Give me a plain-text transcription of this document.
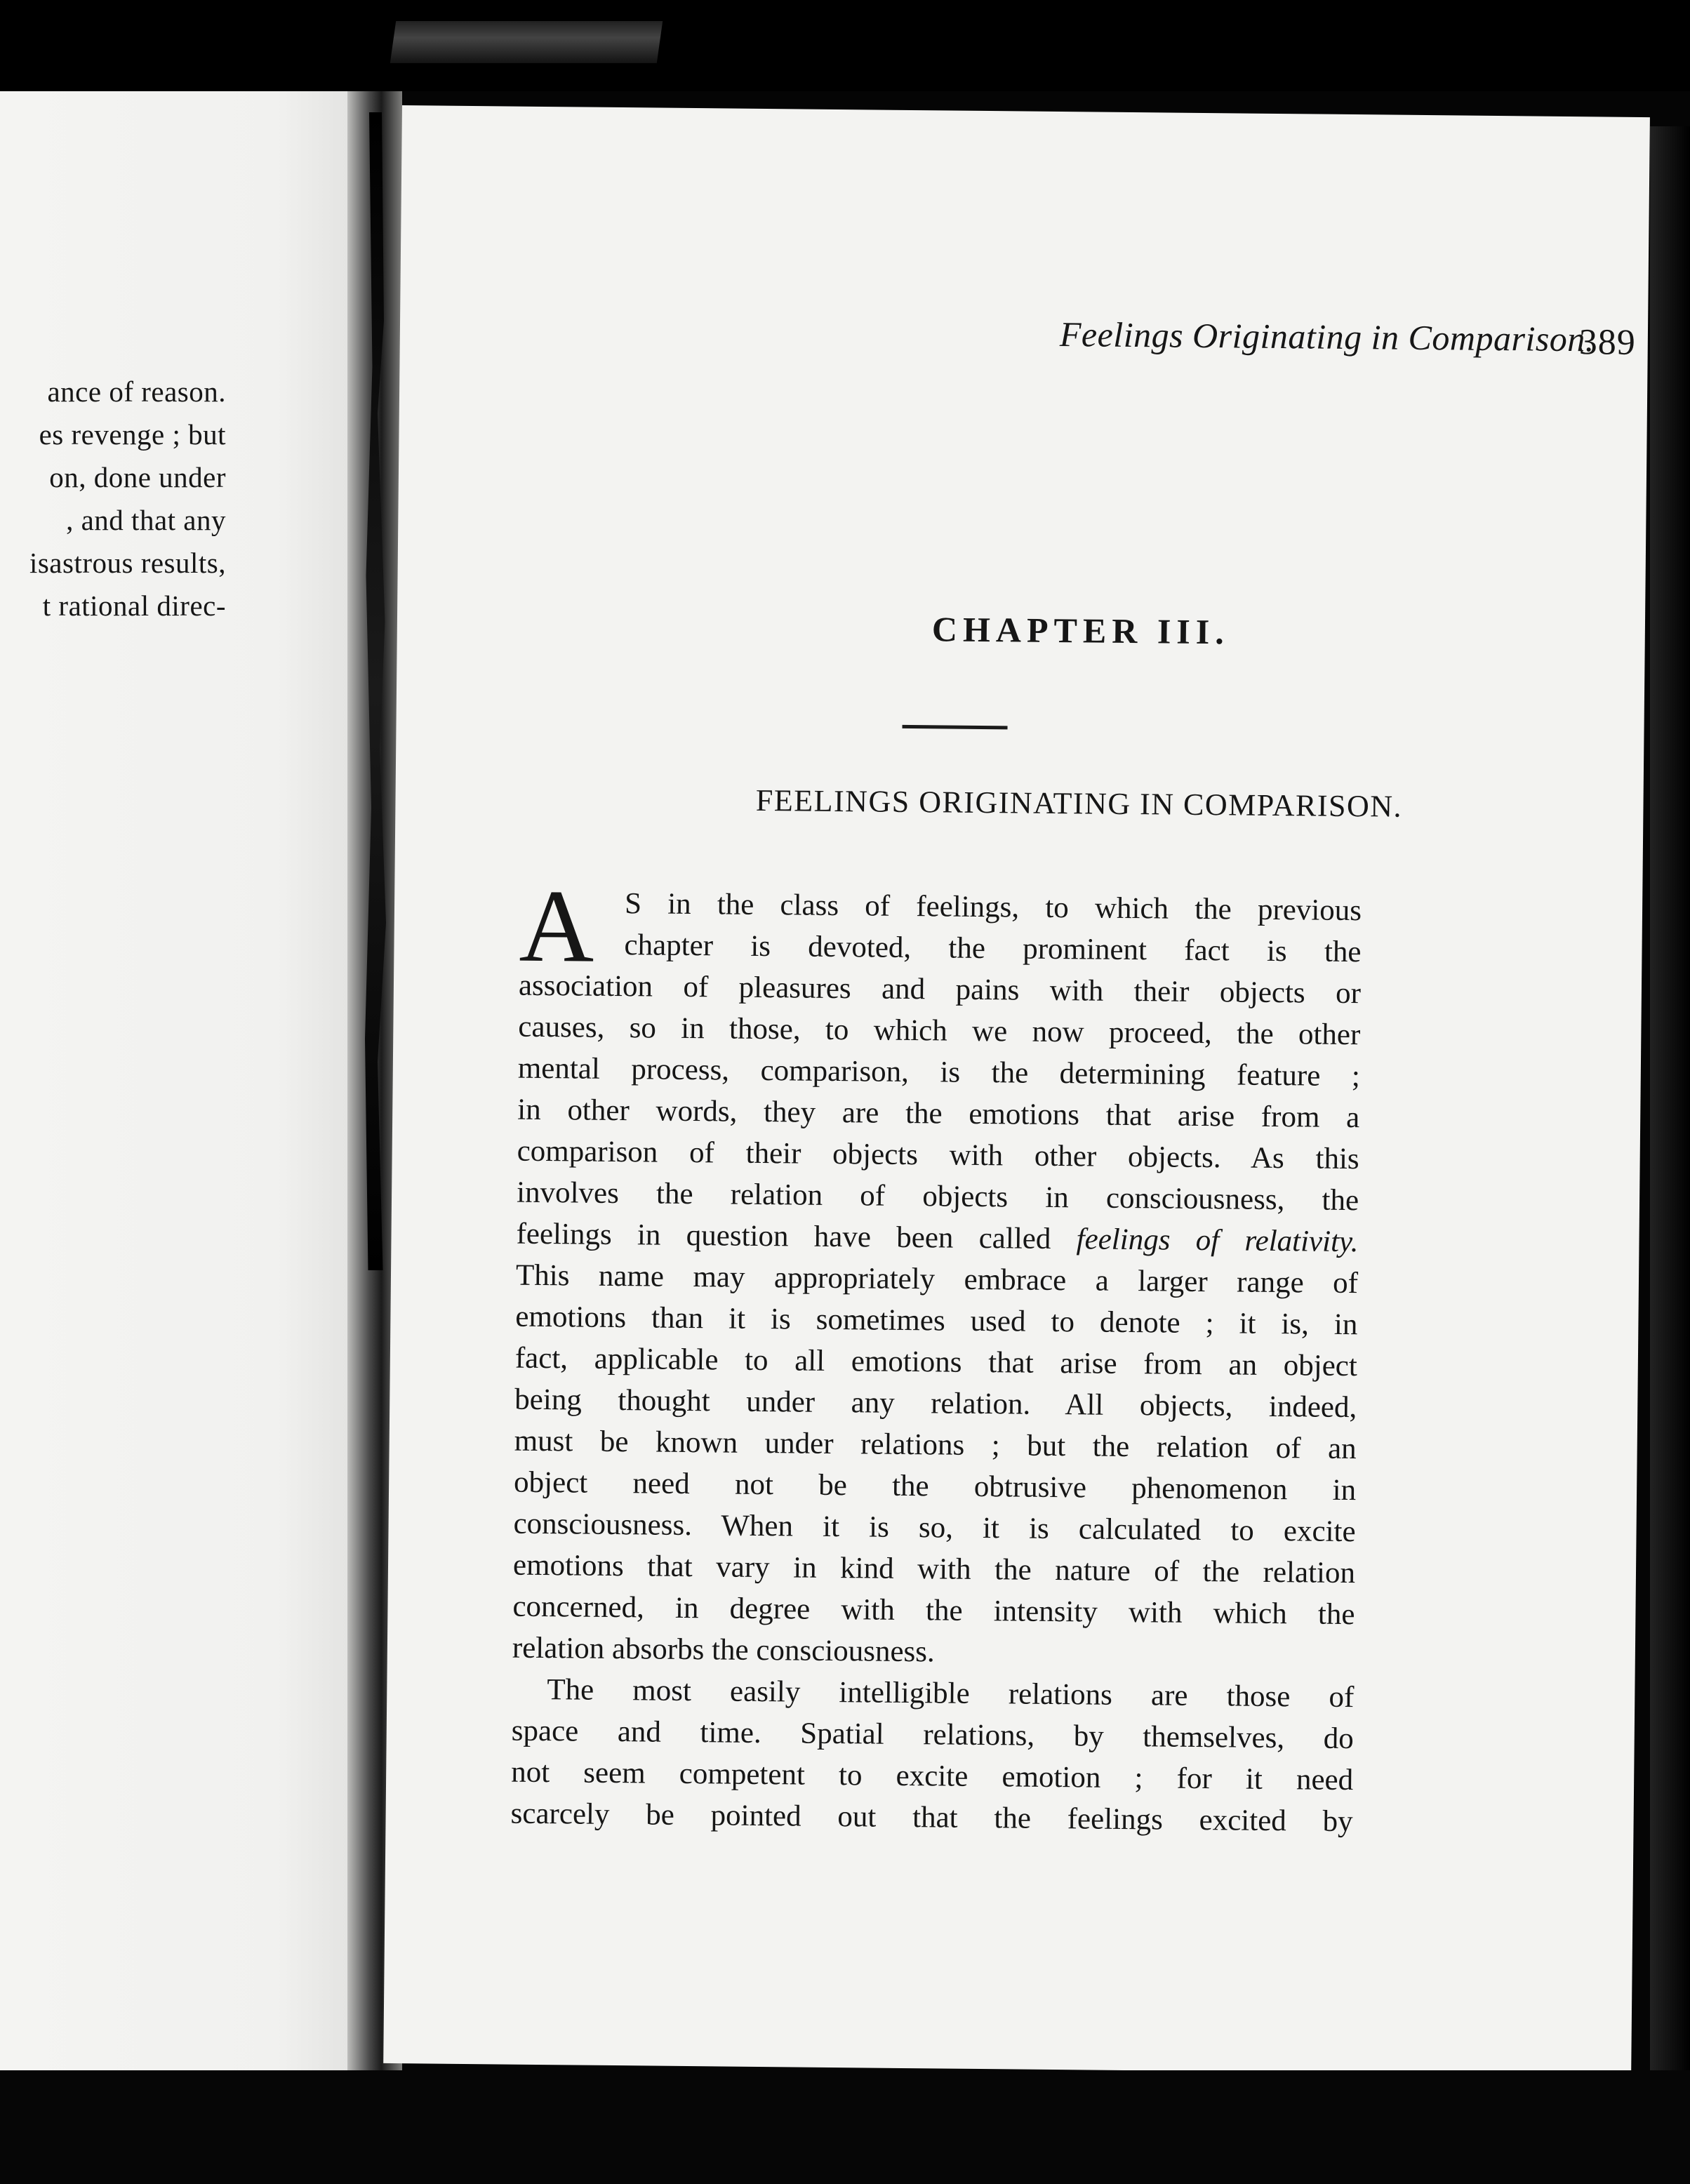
ance of reason.
es revenge ; but
on, done under
, and that any
isastrous results,
t rational direc-
Feelings Originating in Comparison.
389
CHAPTER III.
FEELINGS ORIGINATING IN COMPARISON.
A S in the class of feelings, to which the previous
chapter is devoted, the prominent fact is the
association of pleasures and pains with their objects or
causes, so in those, to which we now proceed, the other
mental process, comparison, is the determining feature ;
in other words, they are the emotions that arise from a
comparison of their objects with other objects. As this
involves the relation of objects in consciousness, the
feelings in question have been called feelings of relativity.
This name may appropriately embrace a larger range of
emotions than it is sometimes used to denote ; it is, in
fact, applicable to all emotions that arise from an object
being thought under any relation. All objects, indeed,
must be known under relations ; but the relation of an
object need not be the obtrusive phenomenon in
consciousness. When it is so, it is calculated to excite
emotions that vary in kind with the nature of the relation
concerned, in degree with the intensity with which the
relation absorbs the consciousness.
The most easily intelligible relations are those of
space and time. Spatial relations, by themselves, do
not seem competent to excite emotion ; for it need
scarcely be pointed out that the feelings excited by
